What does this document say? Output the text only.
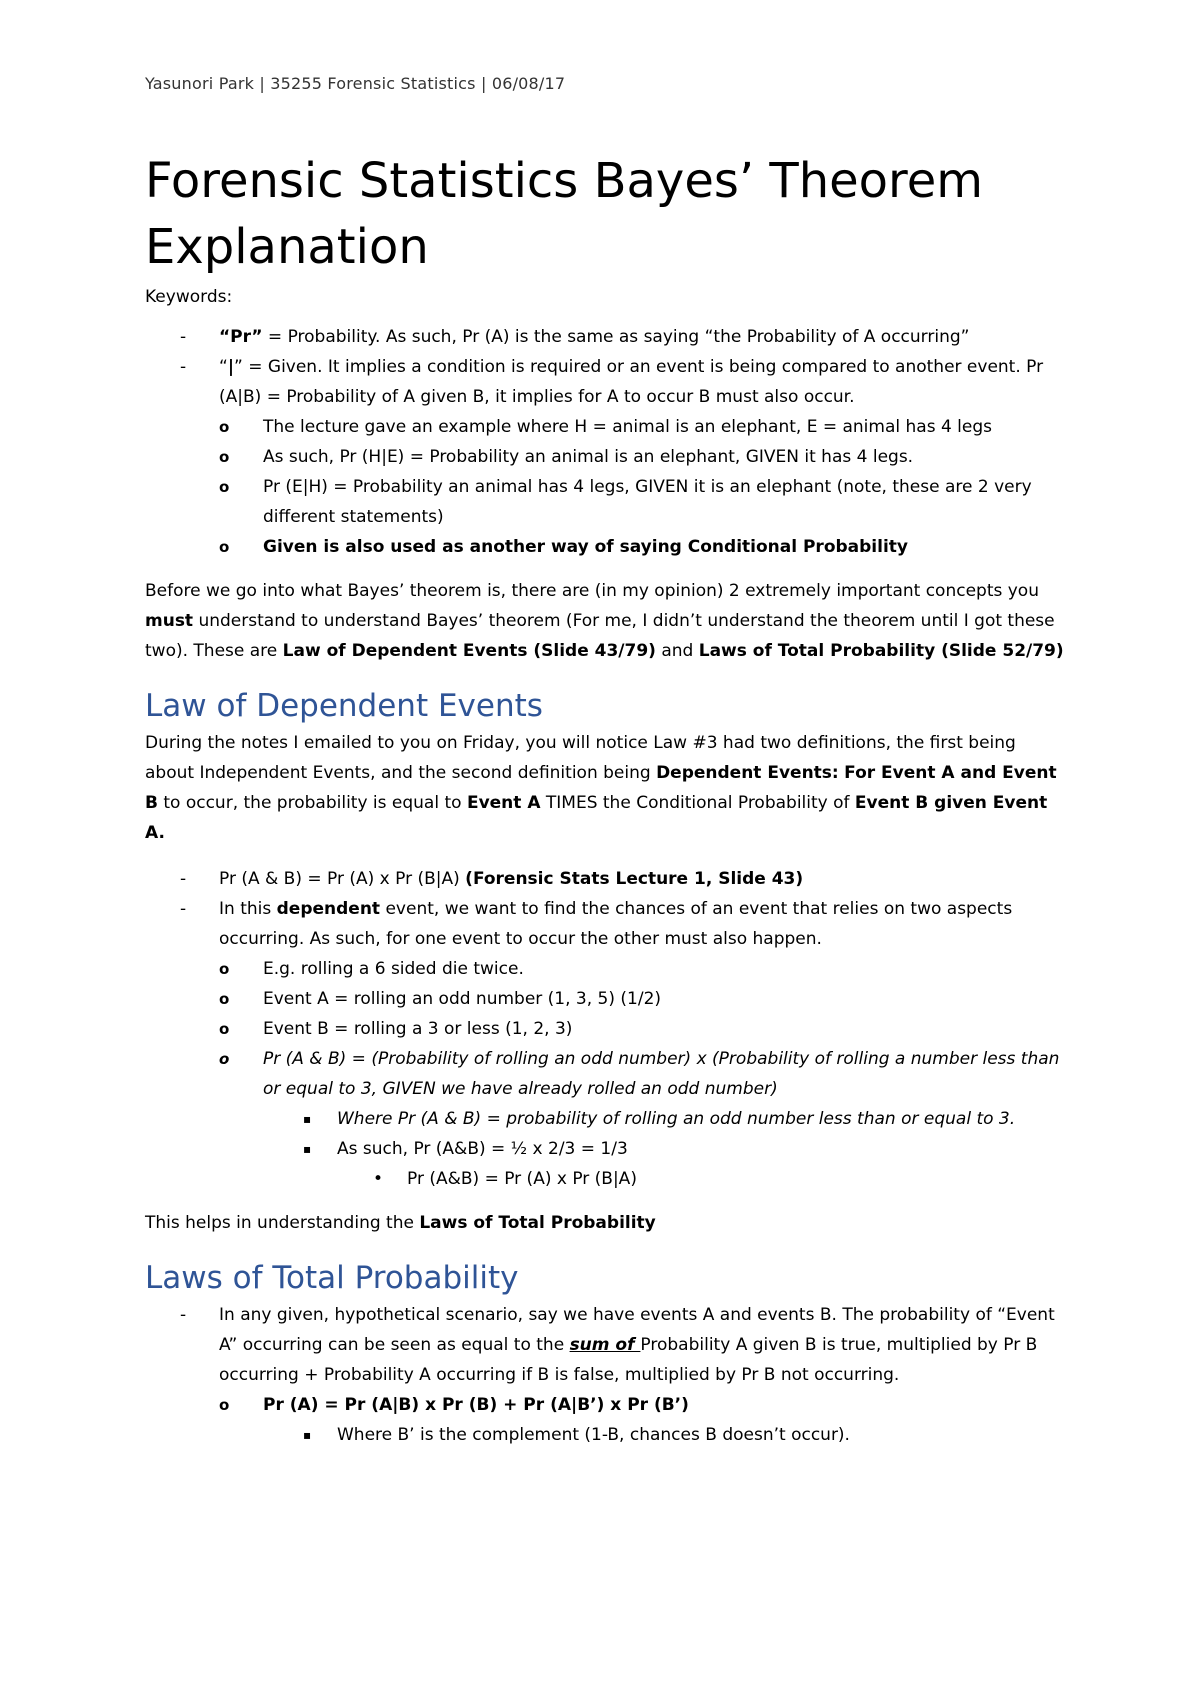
Yasunori Park | 35255 Forensic Statistics | 06/08/17
Forensic Statistics Bayes’ Theorem Explanation

Keywords:

- “Pr” = Probability. As such, Pr (A) is the same as saying “the Probability of A occurring”
- “|” = Given. It implies a condition is required or an event is being compared to another event. Pr (A|B) = Probability of A given B, it implies for A to occur B must also occur.
o The lecture gave an example where H = animal is an elephant, E = animal has 4 legs
o As such, Pr (H|E) = Probability an animal is an elephant, GIVEN it has 4 legs.
o Pr (E|H) = Probability an animal has 4 legs, GIVEN it is an elephant (note, these are 2 very different statements)
o Given is also used as another way of saying Conditional Probability

Before we go into what Bayes’ theorem is, there are (in my opinion) 2 extremely important concepts you must understand to understand Bayes’ theorem (For me, I didn’t understand the theorem until I got these two). These are Law of Dependent Events (Slide 43/79) and Laws of Total Probability (Slide 52/79)

Law of Dependent Events

During the notes I emailed to you on Friday, you will notice Law #3 had two definitions, the first being about Independent Events, and the second definition being Dependent Events: For Event A and Event B to occur, the probability is equal to Event A TIMES the Conditional Probability of Event B given Event A.

- Pr (A & B) = Pr (A) x Pr (B|A) (Forensic Stats Lecture 1, Slide 43)
- In this dependent event, we want to find the chances of an event that relies on two aspects occurring. As such, for one event to occur the other must also happen.
o E.g. rolling a 6 sided die twice.
o Event A = rolling an odd number (1, 3, 5) (1/2)
o Event B = rolling a 3 or less (1, 2, 3)
o Pr (A & B) = (Probability of rolling an odd number) x (Probability of rolling a number less than or equal to 3, GIVEN we have already rolled an odd number)
▪ Where Pr (A & B) = probability of rolling an odd number less than or equal to 3.
▪ As such, Pr (A&B) = ½ x 2/3 = 1/3
• Pr (A&B) = Pr (A) x Pr (B|A)

This helps in understanding the Laws of Total Probability

Laws of Total Probability
- In any given, hypothetical scenario, say we have events A and events B. The probability of “Event A” occurring can be seen as equal to the sum of Probability A given B is true, multiplied by Pr B occurring + Probability A occurring if B is false, multiplied by Pr B not occurring.
o Pr (A) = Pr (A|B) x Pr (B) + Pr (A|B’) x Pr (B’)
▪ Where B’ is the complement (1-B, chances B doesn’t occur).
